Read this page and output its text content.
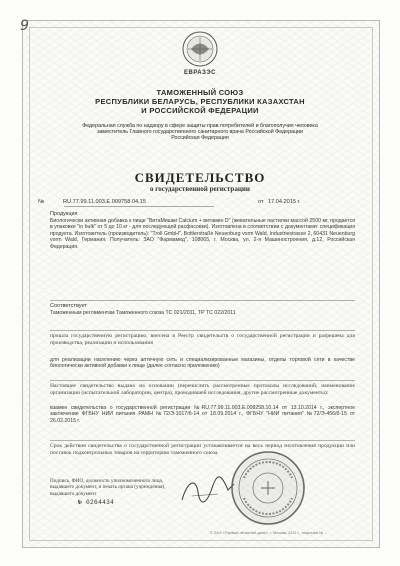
9
ЕВРАЗЭС
ТАМОЖЕННЫЙ СОЮЗ
РЕСПУБЛИКИ БЕЛАРУСЬ, РЕСПУБЛИКИ КАЗАХСТАН
И РОССИЙСКОЙ ФЕДЕРАЦИИ
Федеральная служба по надзору в сфере защиты прав потребителей и благополучия человека
заместитель Главного государственного санитарного врача Российской Федерации
Российская Федерация
СВИДЕТЕЛЬСТВО
о государственной регистрации
№	RU.77.99.11.003.E.009758.04.15	от 17.04.2015 г.
Продукция
Биологически активная добавка к пище "ВитаМишки Calcium + витамин D" (жевательные пастилки массой 2500 мг, продается в упаковке "in bulk" от 5 до 10 кг - для последующей расфасовки). Изготовлена в соответствии с документами: спецификация продукта. Изготовитель (производитель): "Troll GmbH", Bottlerstraße Neuenburg vorm Wald, Industriestrasse 2, 60431 Neuenburg vorm Wald, Германия. Получатель: ЗАО "Фармамед", 108065, г. Москва, ул. 2-я Машиностроения, д.12, Российская Федерация.
Соответствует
Таможенным регламентам Таможенного союза ТС 021/2011, ТР ТС 022/2011
прошла государственную регистрацию, внесена в Реестр свидетельств о государственной регистрации и разрешена для производства, реализации и использования
для реализации населению через аптечную сеть и специализированные магазины, отделы торговой сети в качестве биологически активной добавки к пище (далее согласно приложению)
Настоящее свидетельство выдано на основании (перечислить рассмотренные протоколы исследований, наименование организации (испытательной лаборатории, центра), проводившей исследования, другие рассмотренные документы):
взамен свидетельства о государственной регистрации №RU.77.99.11.003.E.009258.10.14 от 13.10.2014 г., экспертное заключение ФГБНУ НИИ питания РАМН №72/Э-1017/б-14 от 18.09.2014 г., ФГБНУ "НИИ питания" №72/Э-456/б-15 от 26.02.2015 г.
Срок действия свидетельства о государственной регистрации устанавливается на весь период изготовления продукции или поставок подконтрольных товаров на территорию таможенного союза
Подпись, ФИО, должность уполномоченного лица,
выдавшего документ, и печать органа (учреждения),
выдавшего документ
№ 0264434
© ЗАО «Первый печатный двор», г. Москва, 2011 г., лицензия № ...
